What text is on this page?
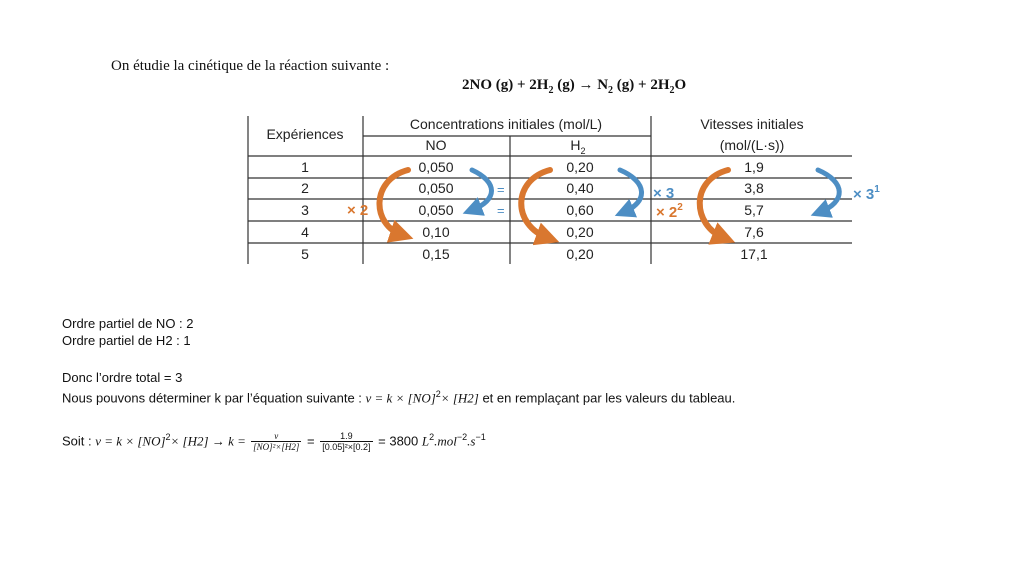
On étudie la cinétique de la réaction suivante :
2NO $(g) + 2H_2$ $(g) \to N_2$ $(g) + 2H_2O$
Expériences
Concentrations initiales (mol/L)
NO	$H_2$
Vitesses initiales
(mol/(L·s))
1	0,050	0,20	1,9
2	0,050	0,40	3,8
3	0,050	0,60	5,7
4	0,10	0,20	7,6
5	0,15	0,20	17,1
× 2
=
=
× 3
× $2^2$
× $3^1$
Ordre partiel de NO : 2
Ordre partiel de H2 : 1
Donc l’ordre total = 3
Nous pouvons déterminer k par l’équation suivante : v = k × [NO]$^2$× [H2] et en remplaçant par les valeurs du tableau.
Soit : $v = k \times [NO]^2\times [H2] \to k = \frac{v}{\text{[NO]²×[H2]}} = \frac{1.9}{\text{[0.05]²×[0.2]}} = 3800$ $L^2.mol^{-2}.s^{-1}$
